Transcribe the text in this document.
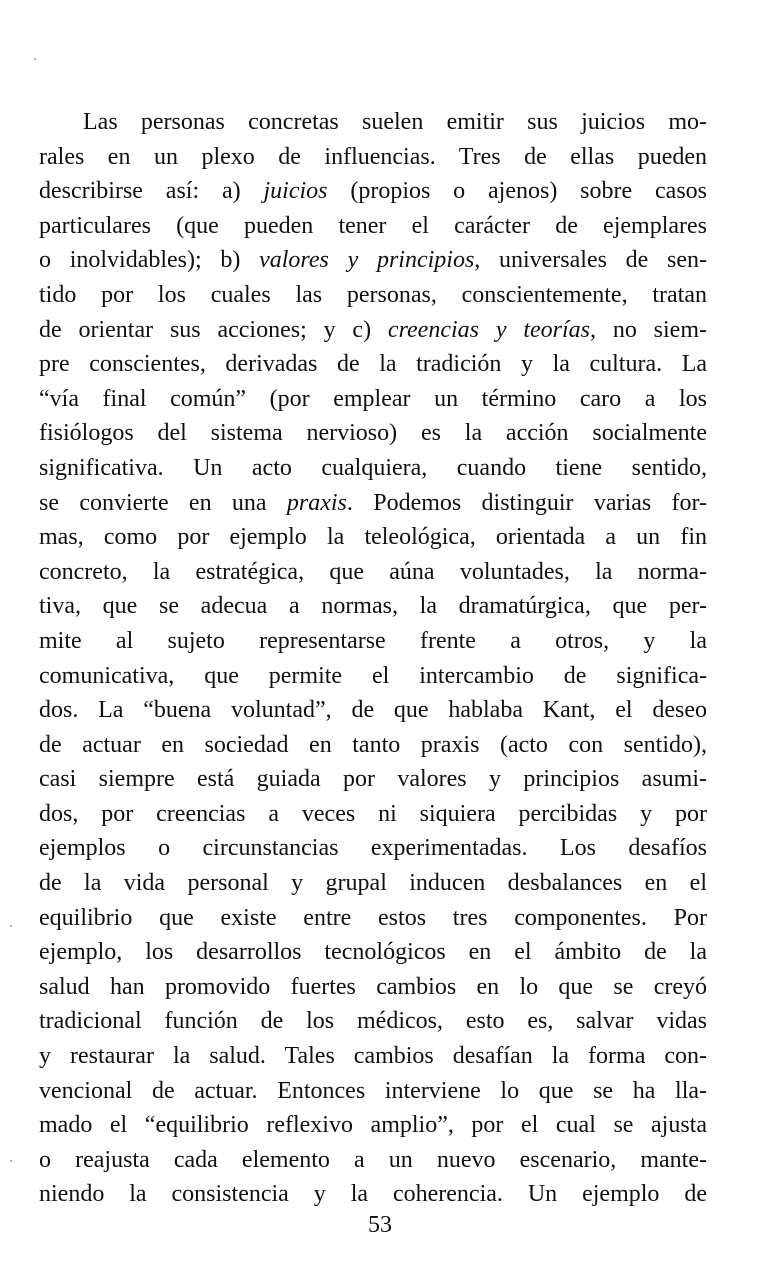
Las personas concretas suelen emitir sus juicios mo-
rales en un plexo de influencias. Tres de ellas pueden
describirse así: a) juicios (propios o ajenos) sobre casos
particulares (que pueden tener el carácter de ejemplares
o inolvidables); b) valores y principios, universales de sen-
tido por los cuales las personas, conscientemente, tratan
de orientar sus acciones; y c) creencias y teorías, no siem-
pre conscientes, derivadas de la tradición y la cultura. La
“vía final común” (por emplear un término caro a los
fisiólogos del sistema nervioso) es la acción socialmente
significativa. Un acto cualquiera, cuando tiene sentido,
se convierte en una praxis. Podemos distinguir varias for-
mas, como por ejemplo la teleológica, orientada a un fin
concreto, la estratégica, que aúna voluntades, la norma-
tiva, que se adecua a normas, la dramatúrgica, que per-
mite al sujeto representarse frente a otros, y la
comunicativa, que permite el intercambio de significa-
dos. La “buena voluntad”, de que hablaba Kant, el deseo
de actuar en sociedad en tanto praxis (acto con sentido),
casi siempre está guiada por valores y principios asumi-
dos, por creencias a veces ni siquiera percibidas y por
ejemplos o circunstancias experimentadas. Los desafíos
de la vida personal y grupal inducen desbalances en el
equilibrio que existe entre estos tres componentes. Por
ejemplo, los desarrollos tecnológicos en el ámbito de la
salud han promovido fuertes cambios en lo que se creyó
tradicional función de los médicos, esto es, salvar vidas
y restaurar la salud. Tales cambios desafían la forma con-
vencional de actuar. Entonces interviene lo que se ha lla-
mado el “equilibrio reflexivo amplio”, por el cual se ajusta
o reajusta cada elemento a un nuevo escenario, mante-
niendo la consistencia y la coherencia. Un ejemplo de
53
